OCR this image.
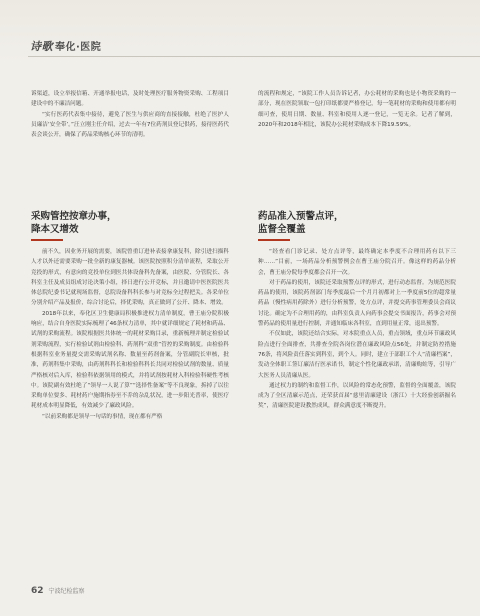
诗歌 奉化·医院

诉渠道，设立举报信箱、开通举报电话，及时处理医疗服务物资采购、工程项目建设中的不廉洁问题。

“实行医药代表集中接待，避免了医生与供应商的直接接触，杜绝了医护人员廉洁‘安全带’。”汪立刚主任介绍，过去一年有7位药剂员登记供药，接待医药代表会谈公开，确保了药品采购核心环节的清明。

的流程和规定，“该院工作人员告诉记者，办公耗材的采购也是小物资采购的一部分，现在医院领取一包打印纸都要严格登记，每一笔耗材的采购和使用都有明细可查，使用日期、数量、科室和使用人逐一登记，一览无余。记者了解到，2020年和2018年相比，该院办公耗材采购成本下降19.59%。

采购管控按章办事，
降本又增效

前不久，因业务开展的需要，该院曾重订进补表接拿康复科，除引进扫描科人才以外还需要采购一批全新的康复器械。该医院按照积分清单流程，采取公开竞投的形式，有意向的竞投单位到医共体设备科先备案，由医院、分管院长、各科室主任及成员组成讨论决策小组，择日进行公开竞标，并且邀请中医医院医共体总院纪委书记就现场监督，总院设备科科长参与对竞标全过程把关。各采单位分别介绍产品及报价，综合讨论后，择优采购，真正做到了公开、降本、增效。

2018年以来，奉化区卫生健康局积极推进权力清单制度，曹王庙分院积极响应，结合自身医院实际梳理了46条权力清单，其中就详细规定了耗材和药品、试剂的采购流程。该院根据医共体统一的耗材采购目录，重新梳理并制定检验试剂采购流程，实行检验试剂由检验科、药剂科“双重”管控的采购制度。由检验科根据科室业务量提交需采购试剂名称、数量至药剂备案，分管副院长审核，批准，药剂科集中采购，由药剂科科长和检验科科长共同对检验试剂的数量、质量严格核对后入库，检验科依据领用的模式，并将试剂按耗材入科检验科硬性考核中。该院副有效杜绝了“领导一人说了算”“选择性备案”等不良现象，拆掉了以往采购单位要多、耗材药户施期指券至不乔的杂乱状况，进一步阳光普率，使医疗耗材成本明显降低，有效减少了廉政风险。

“以前采购都是领导一句话的事情，现在都有严格

药品准入预警点评，
监督全覆盖

“经查看门诊记录、处方点评等，最终确定本季度不合理用药有以下三种……”目前，一场药品分析预警例会在曹王庙分院召开。像这样的药品分析会，曹王庙分院每季度都会召开一次。

对于药品的使用，该院还采取预警点评的形式，进行动态监督。为规范医院药品的使用，该院药剂部门每季度最后一个月月初都对上一季度前5位的超常量药品（慢性病用药除外）进行分析预警，处方点评，并提交药事管理委员会商议讨论。确定为不合理用药的，由科室负责人向药事会提交书面报告，药事会对预警药品的使用量进行控制，并通知临床各科室，直到用量正常，退出预警。

不仅如此，该院还结合实际，对本院重点人员，重点领域，重点环节廉政风险点进行全面排查，共排查全院各岗位潜在廉政风险点56处，并制定防控措施76条，将风险责任落实到科室，到个人。同时，建立于部职工个人“清廉档案”，发动全体职工签订廉洁行医承诺书，制定个性化廉政承诺，清廉购蛀等，引导广大医务人员清廉从医。

通过权力的制约和监督工作，以风险的常态化预警，监督的全面覆盖，该院成为了全区清廉示范点，还荣获首届“慈里清廉建设（浙江）十大经验创新掘名奖”，清廉医院建设教然成风，群众满意度不断提升。

62 宁波纪检监察
